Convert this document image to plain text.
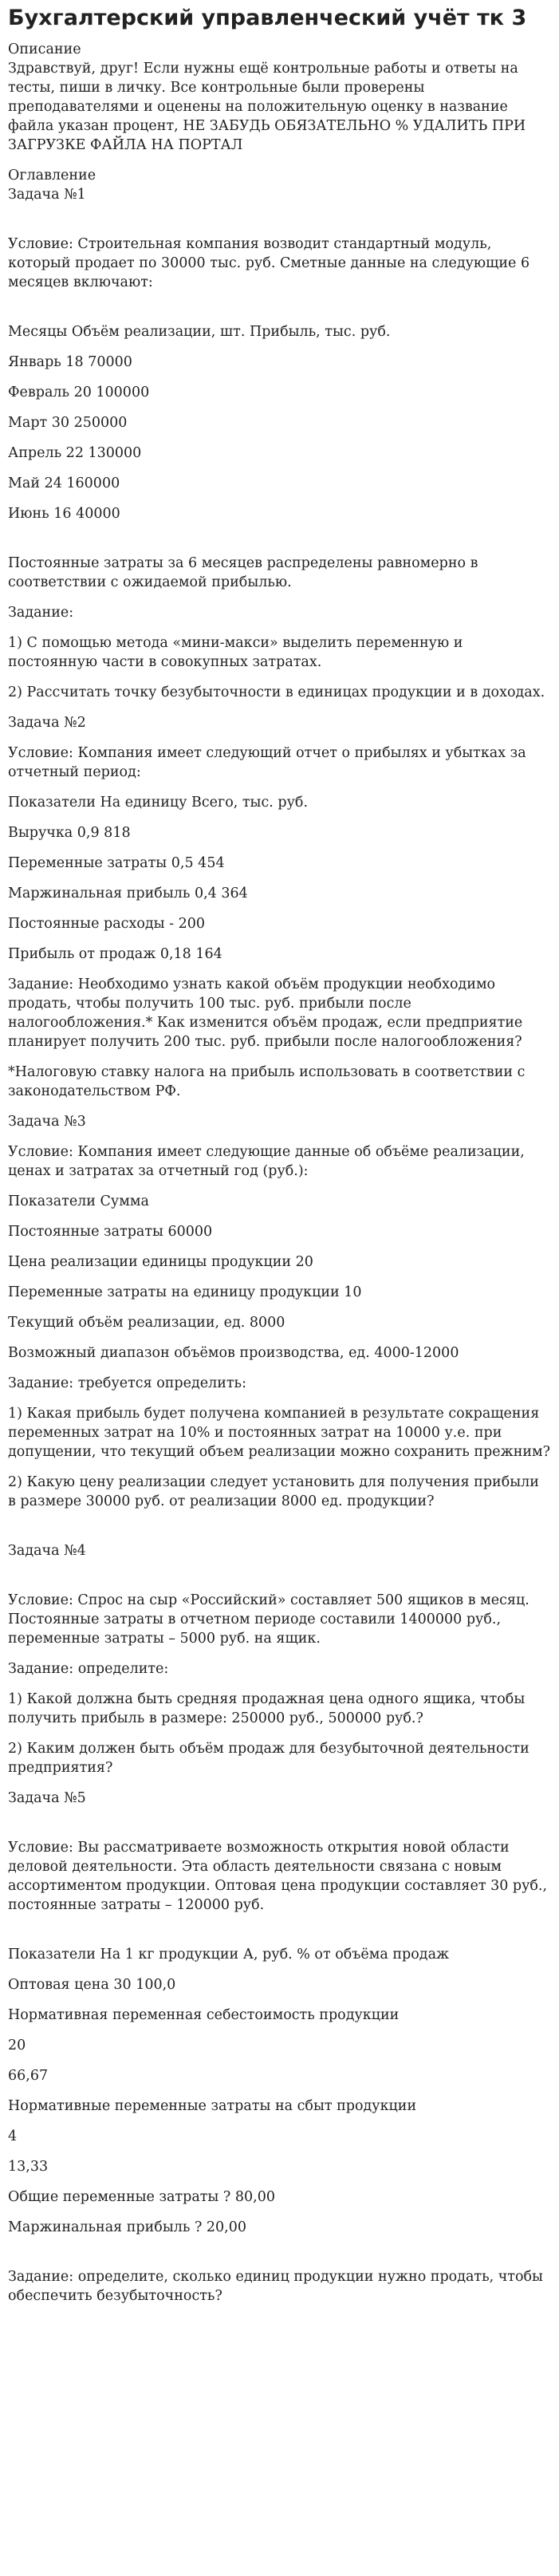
Бухгалтерский управленческий учёт тк 3

Описание

Здравствуй, друг! Если нужны ещё контрольные работы и ответы на тесты, пиши в личку. Все контрольные были проверены преподавателями и оценены на положительную оценку в название файла указан процент, НЕ ЗАБУДЬ ОБЯЗАТЕЛЬНО % УДАЛИТЬ ПРИ ЗАГРУЗКЕ ФАЙЛА НА ПОРТАЛ

Оглавление

Задача №1

Условие: Строительная компания возводит стандартный модуль, который продает по 30000 тыс. руб. Сметные данные на следующие 6 месяцев включают:

Месяцы Объём реализации, шт. Прибыль, тыс. руб.

Январь 18 70000

Февраль 20 100000

Март 30 250000

Апрель 22 130000

Май 24 160000

Июнь 16 40000

Постоянные затраты за 6 месяцев распределены равномерно в соответствии с ожидаемой прибылью.

Задание:

1) С помощью метода «мини-макси» выделить переменную и постоянную части в совокупных затратах.

2) Рассчитать точку безубыточности в единицах продукции и в доходах.

Задача №2

Условие: Компания имеет следующий отчет о прибылях и убытках за отчетный период:

Показатели На единицу Всего, тыс. руб.

Выручка 0,9 818

Переменные затраты 0,5 454

Маржинальная прибыль 0,4 364

Постоянные расходы - 200

Прибыль от продаж 0,18 164

Задание: Необходимо узнать какой объём продукции необходимо продать, чтобы получить 100 тыс. руб. прибыли после налогообложения.* Как изменится объём продаж, если предприятие планирует получить 200 тыс. руб. прибыли после налогообложения?

*Налоговую ставку налога на прибыль использовать в соответствии с законодательством РФ.

Задача №3

Условие: Компания имеет следующие данные об объёме реализации, ценах и затратах за отчетный год (руб.):

Показатели Сумма

Постоянные затраты 60000

Цена реализации единицы продукции 20

Переменные затраты на единицу продукции 10

Текущий объём реализации, ед. 8000

Возможный диапазон объёмов производства, ед. 4000-12000

Задание: требуется определить:

1) Какая прибыль будет получена компанией в результате сокращения переменных затрат на 10% и постоянных затрат на 10000 у.е. при допущении, что текущий объем реализации можно сохранить прежним?

2) Какую цену реализации следует установить для получения прибыли в размере 30000 руб. от реализации 8000 ед. продукции?

Задача №4

Условие: Спрос на сыр «Российский» составляет 500 ящиков в месяц. Постоянные затраты в отчетном периоде составили 1400000 руб., переменные затраты – 5000 руб. на ящик.

Задание: определите:

1) Какой должна быть средняя продажная цена одного ящика, чтобы получить прибыль в размере: 250000 руб., 500000 руб.?

2) Каким должен быть объём продаж для безубыточной деятельности предприятия?

Задача №5

Условие: Вы рассматриваете возможность открытия новой области деловой деятельности. Эта область деятельности связана с новым ассортиментом продукции. Оптовая цена продукции составляет 30 руб., постоянные затраты – 120000 руб.

Показатели На 1 кг продукции А, руб. % от объёма продаж

Оптовая цена 30 100,0

Нормативная переменная себестоимость продукции

20

66,67

Нормативные переменные затраты на сбыт продукции

4

13,33

Общие переменные затраты ? 80,00

Маржинальная прибыль ? 20,00

Задание: определите, сколько единиц продукции нужно продать, чтобы обеспечить безубыточность?
